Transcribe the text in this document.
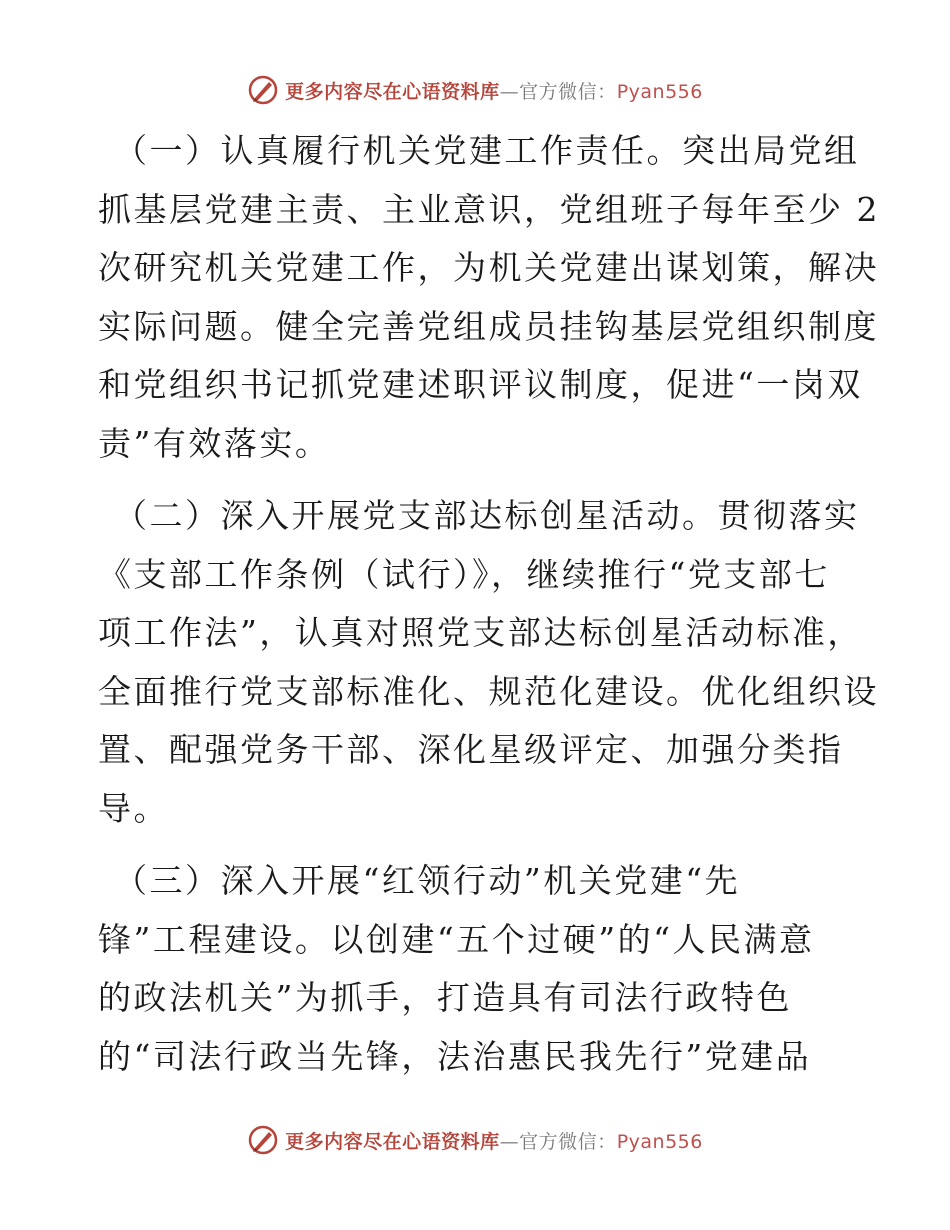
更多内容尽在心语资料库—官方微信：Pyan556
（一）认真履行机关党建工作责任。突出局党组
抓基层党建主责、主业意识，党组班子每年至少 2
次研究机关党建工作，为机关党建出谋划策，解决
实际问题。健全完善党组成员挂钩基层党组织制度
和党组织书记抓党建述职评议制度，促进“一岗双
责”有效落实。
（二）深入开展党支部达标创星活动。贯彻落实
《支部工作条例（试行）》，继续推行“党支部七
项工作法”，认真对照党支部达标创星活动标准，
全面推行党支部标准化、规范化建设。优化组织设
置、配强党务干部、深化星级评定、加强分类指
导。
（三）深入开展“红领行动”机关党建“先
锋”工程建设。以创建“五个过硬”的“人民满意
的政法机关”为抓手，打造具有司法行政特色
的“司法行政当先锋，法治惠民我先行”党建品
更多内容尽在心语资料库—官方微信：Pyan556
